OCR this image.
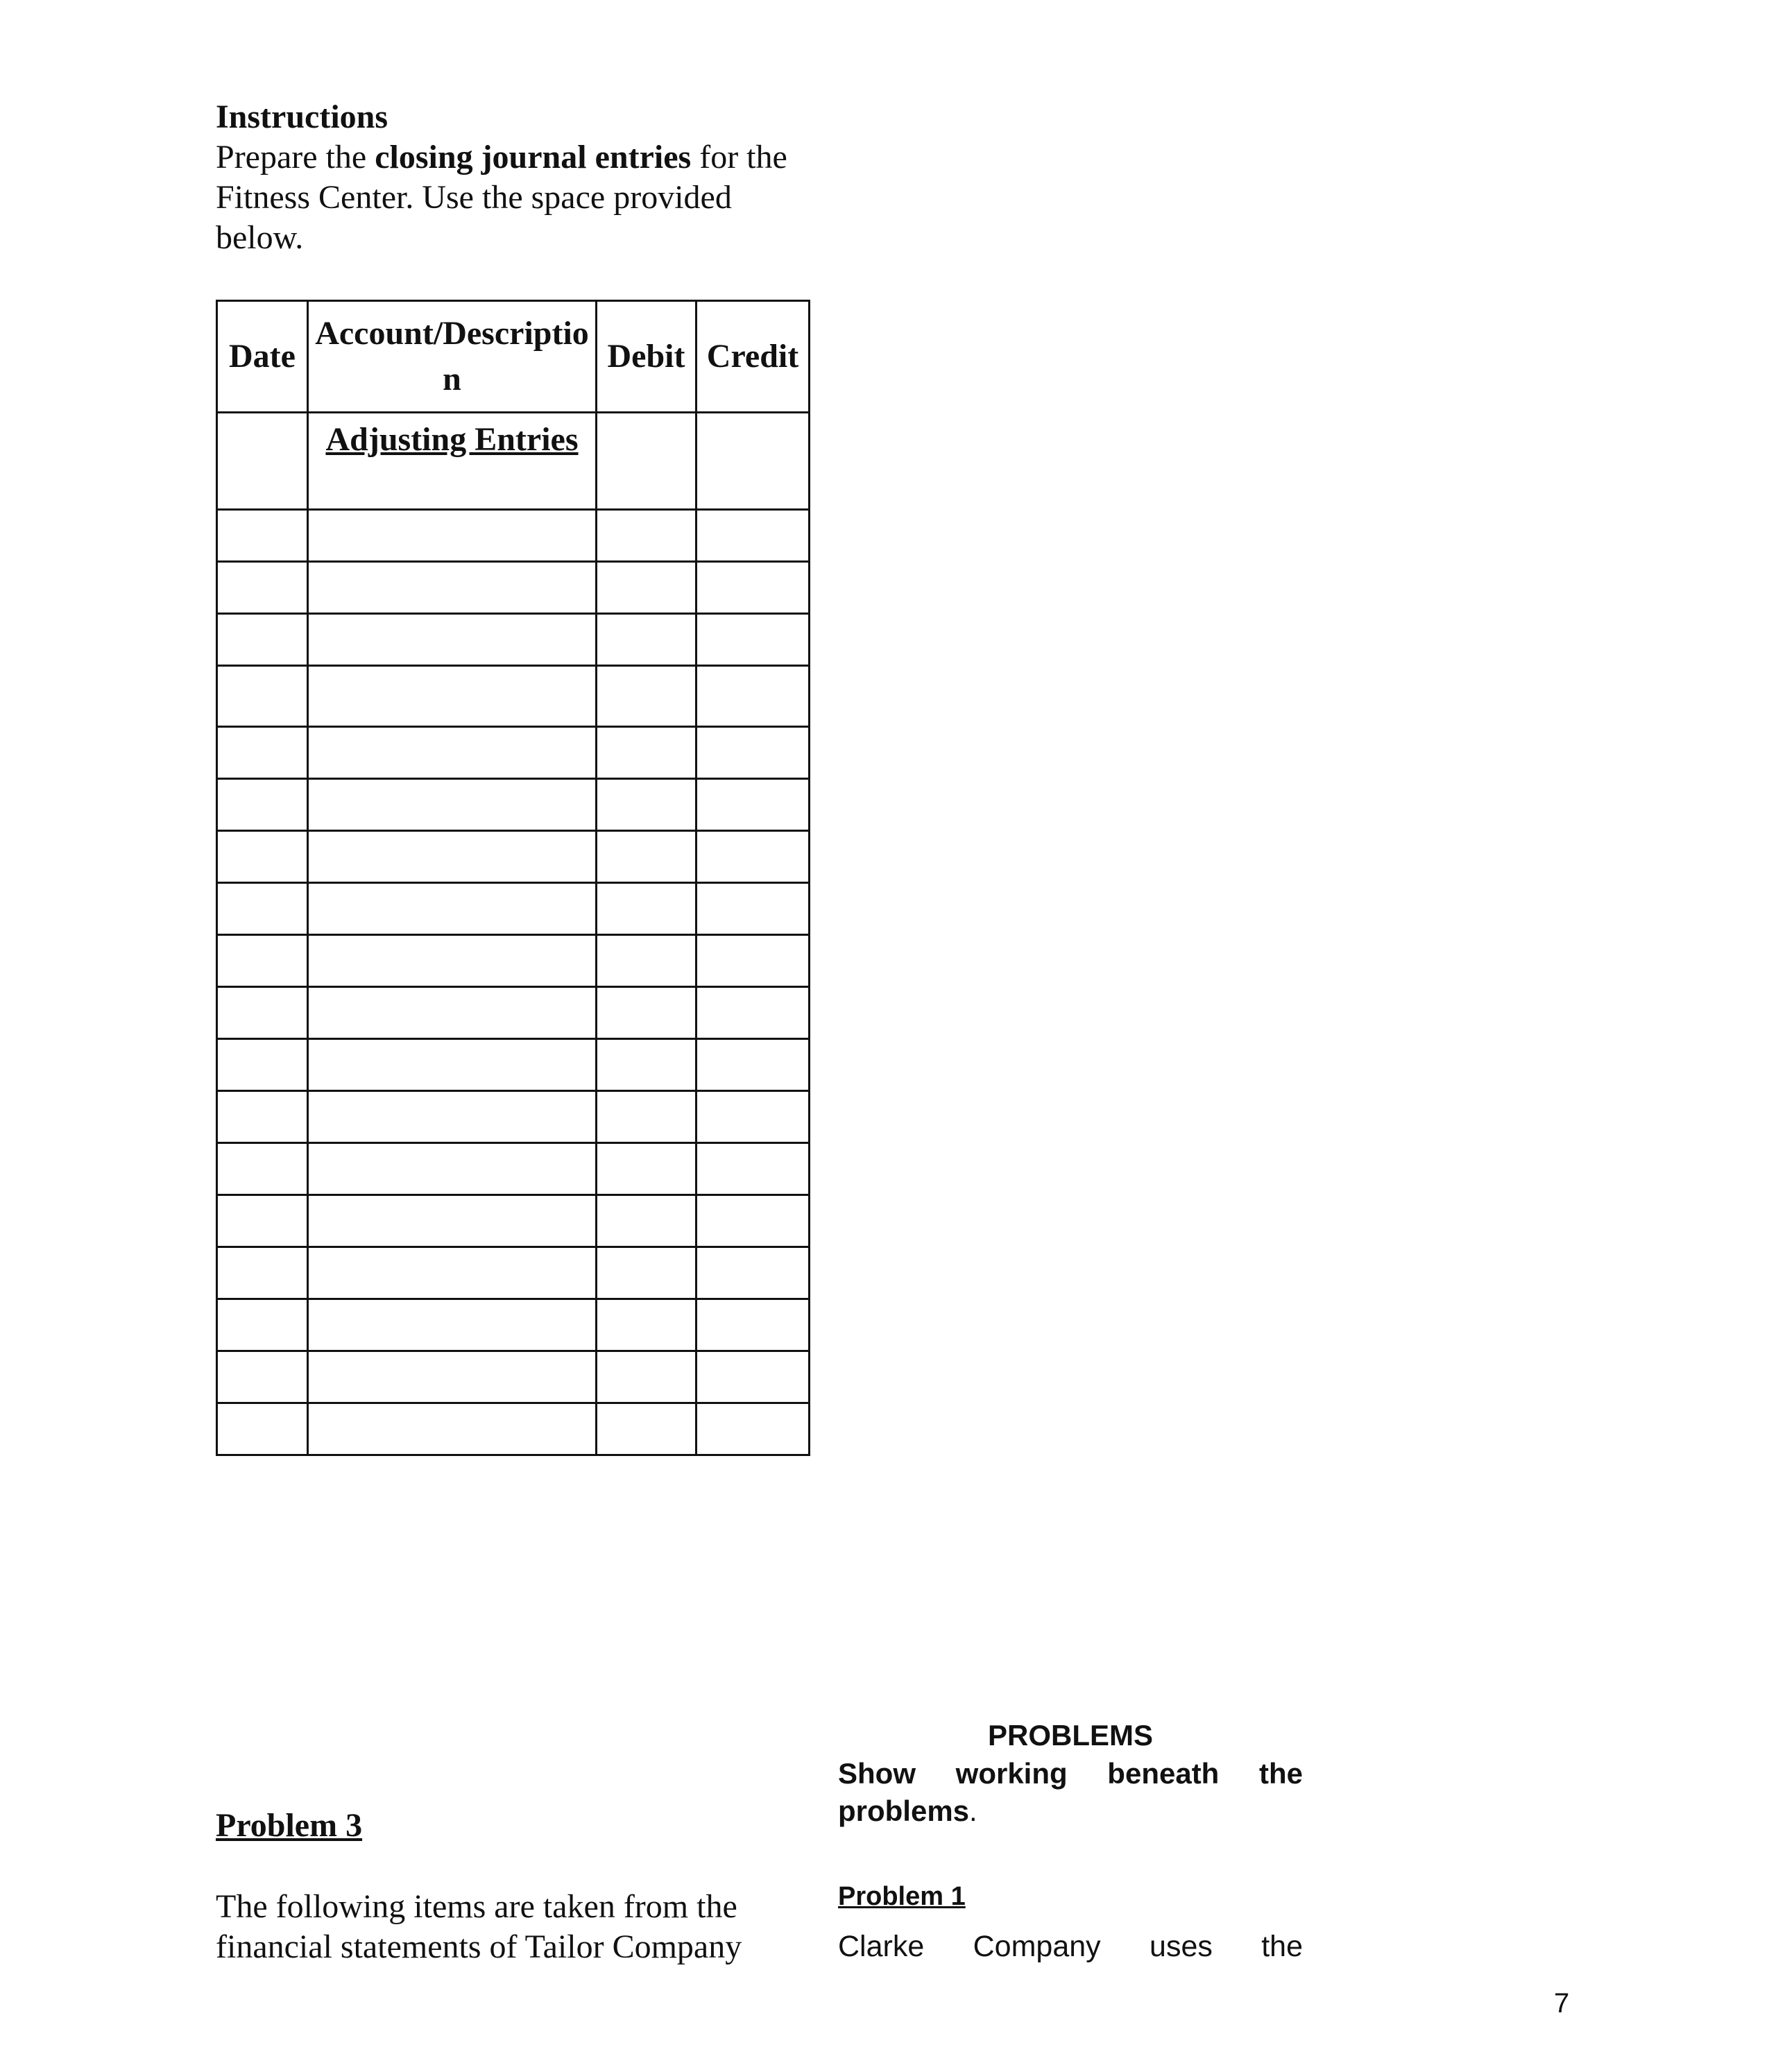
Instructions
Prepare the closing journal entries for the Fitness Center. Use the space provided below.
Date	Account/Description	Debit	Credit
	Adjusting Entries		

PROBLEMS
Show working beneath the problems.
Problem 3
The following items are taken from the financial statements of Tailor Company
Problem 1
Clarke Company uses the
7
